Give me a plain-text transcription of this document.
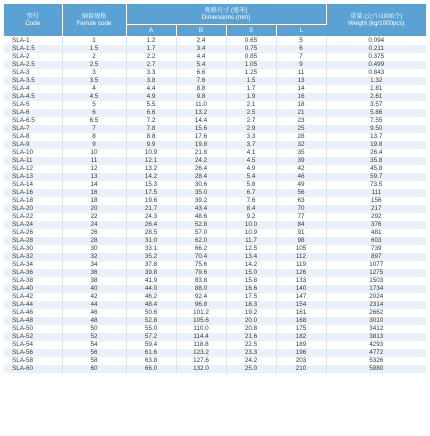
型号
Code	铜套规格
Ferrule code	规格尺寸 (毫米)
Dimensions (mm)				重量 (公斤/1000个)
Weight (kg/1000pcs)

		A	B	S	L	
SLA-1	1	1.2	2.4	0.65	5	0.094
SLA-1.5	1.5	1.7	3.4	0.75	6	0.211
SLA-2	2	2.2	4.4	0.85	7	0.375
SLA-2.5	2.5	2.7	5.4	1.05	9	0.499
SLA-3	3	3.3	6.6	1.25	11	0.843
SLA-3.5	3.5	3.8	7.6	1.5	13	1.32
SLA-4	4	4.4	8.8	1.7	14	1.81
SLA-4.5	4.5	4.9	9.8	1.9	16	2.61
SLA-5	5	5.5	11.0	2.1	18	3.57
SLA-6	6	6.6	13.2	2.5	21	5.86
SLA-6.5	6.5	7.2	14.4	2.7	23	7.55
SLA-7	7	7.8	15.6	2.9	25	9.50
SLA-8	8	8.8	17.6	3.3	28	13.7
SLA-9	9	9.9	19.8	3.7	32	19.8
SLA-10	10	10.9	21.8	4.1	35	26.4
SLA-11	11	12.1	24.2	4.5	39	35.8
SLA-12	12	13.2	26.4	4.9	42	45.8
SLA-13	13	14.2	28.4	5.4	46	59.7
SLA-14	14	15.3	30.6	5.8	49	73.5
SLA-16	16	17.5	35.0	6.7	56	111
SLA-18	18	19.6	39.2	7.6	63	156
SLA-20	20	21.7	43.4	8.4	70	217
SLA-22	22	24.3	48.6	9.2	77	292
SLA-24	24	26.4	52.8	10.0	84	376
SLA-26	26	28.5	57.0	10.9	91	481
SLA-28	28	31.0	62.0	11.7	98	603
SLA-30	30	33.1	66.2	12.5	105	739
SLA-32	32	35.2	70.4	13.4	112	897
SLA-34	34	37.8	75.6	14.2	119	1077
SLA-36	36	39.8	79.6	15.0	126	1275
SLA-38	38	41.9	83.8	15.8	133	1503
SLA-40	40	44.0	88.0	16.6	140	1734
SLA-42	42	46.2	92.4	17.5	147	2024
SLA-44	44	48.4	96.8	18.3	154	2314
SLA-46	46	50.6	101.2	19.2	161	2662
SLA-48	48	52.8	105.6	20.0	168	3010
SLA-50	50	55.0	110.0	20.8	175	3412
SLA-52	52	57.2	114.4	21.6	182	3813
SLA-54	54	59.4	118.8	22.5	189	4293
SLA-56	56	61.6	123.2	23.3	196	4772
SLA-58	58	63.8	127.6	24.2	203	5326
SLA-60	60	66.0	132.0	25.0	210	5880
